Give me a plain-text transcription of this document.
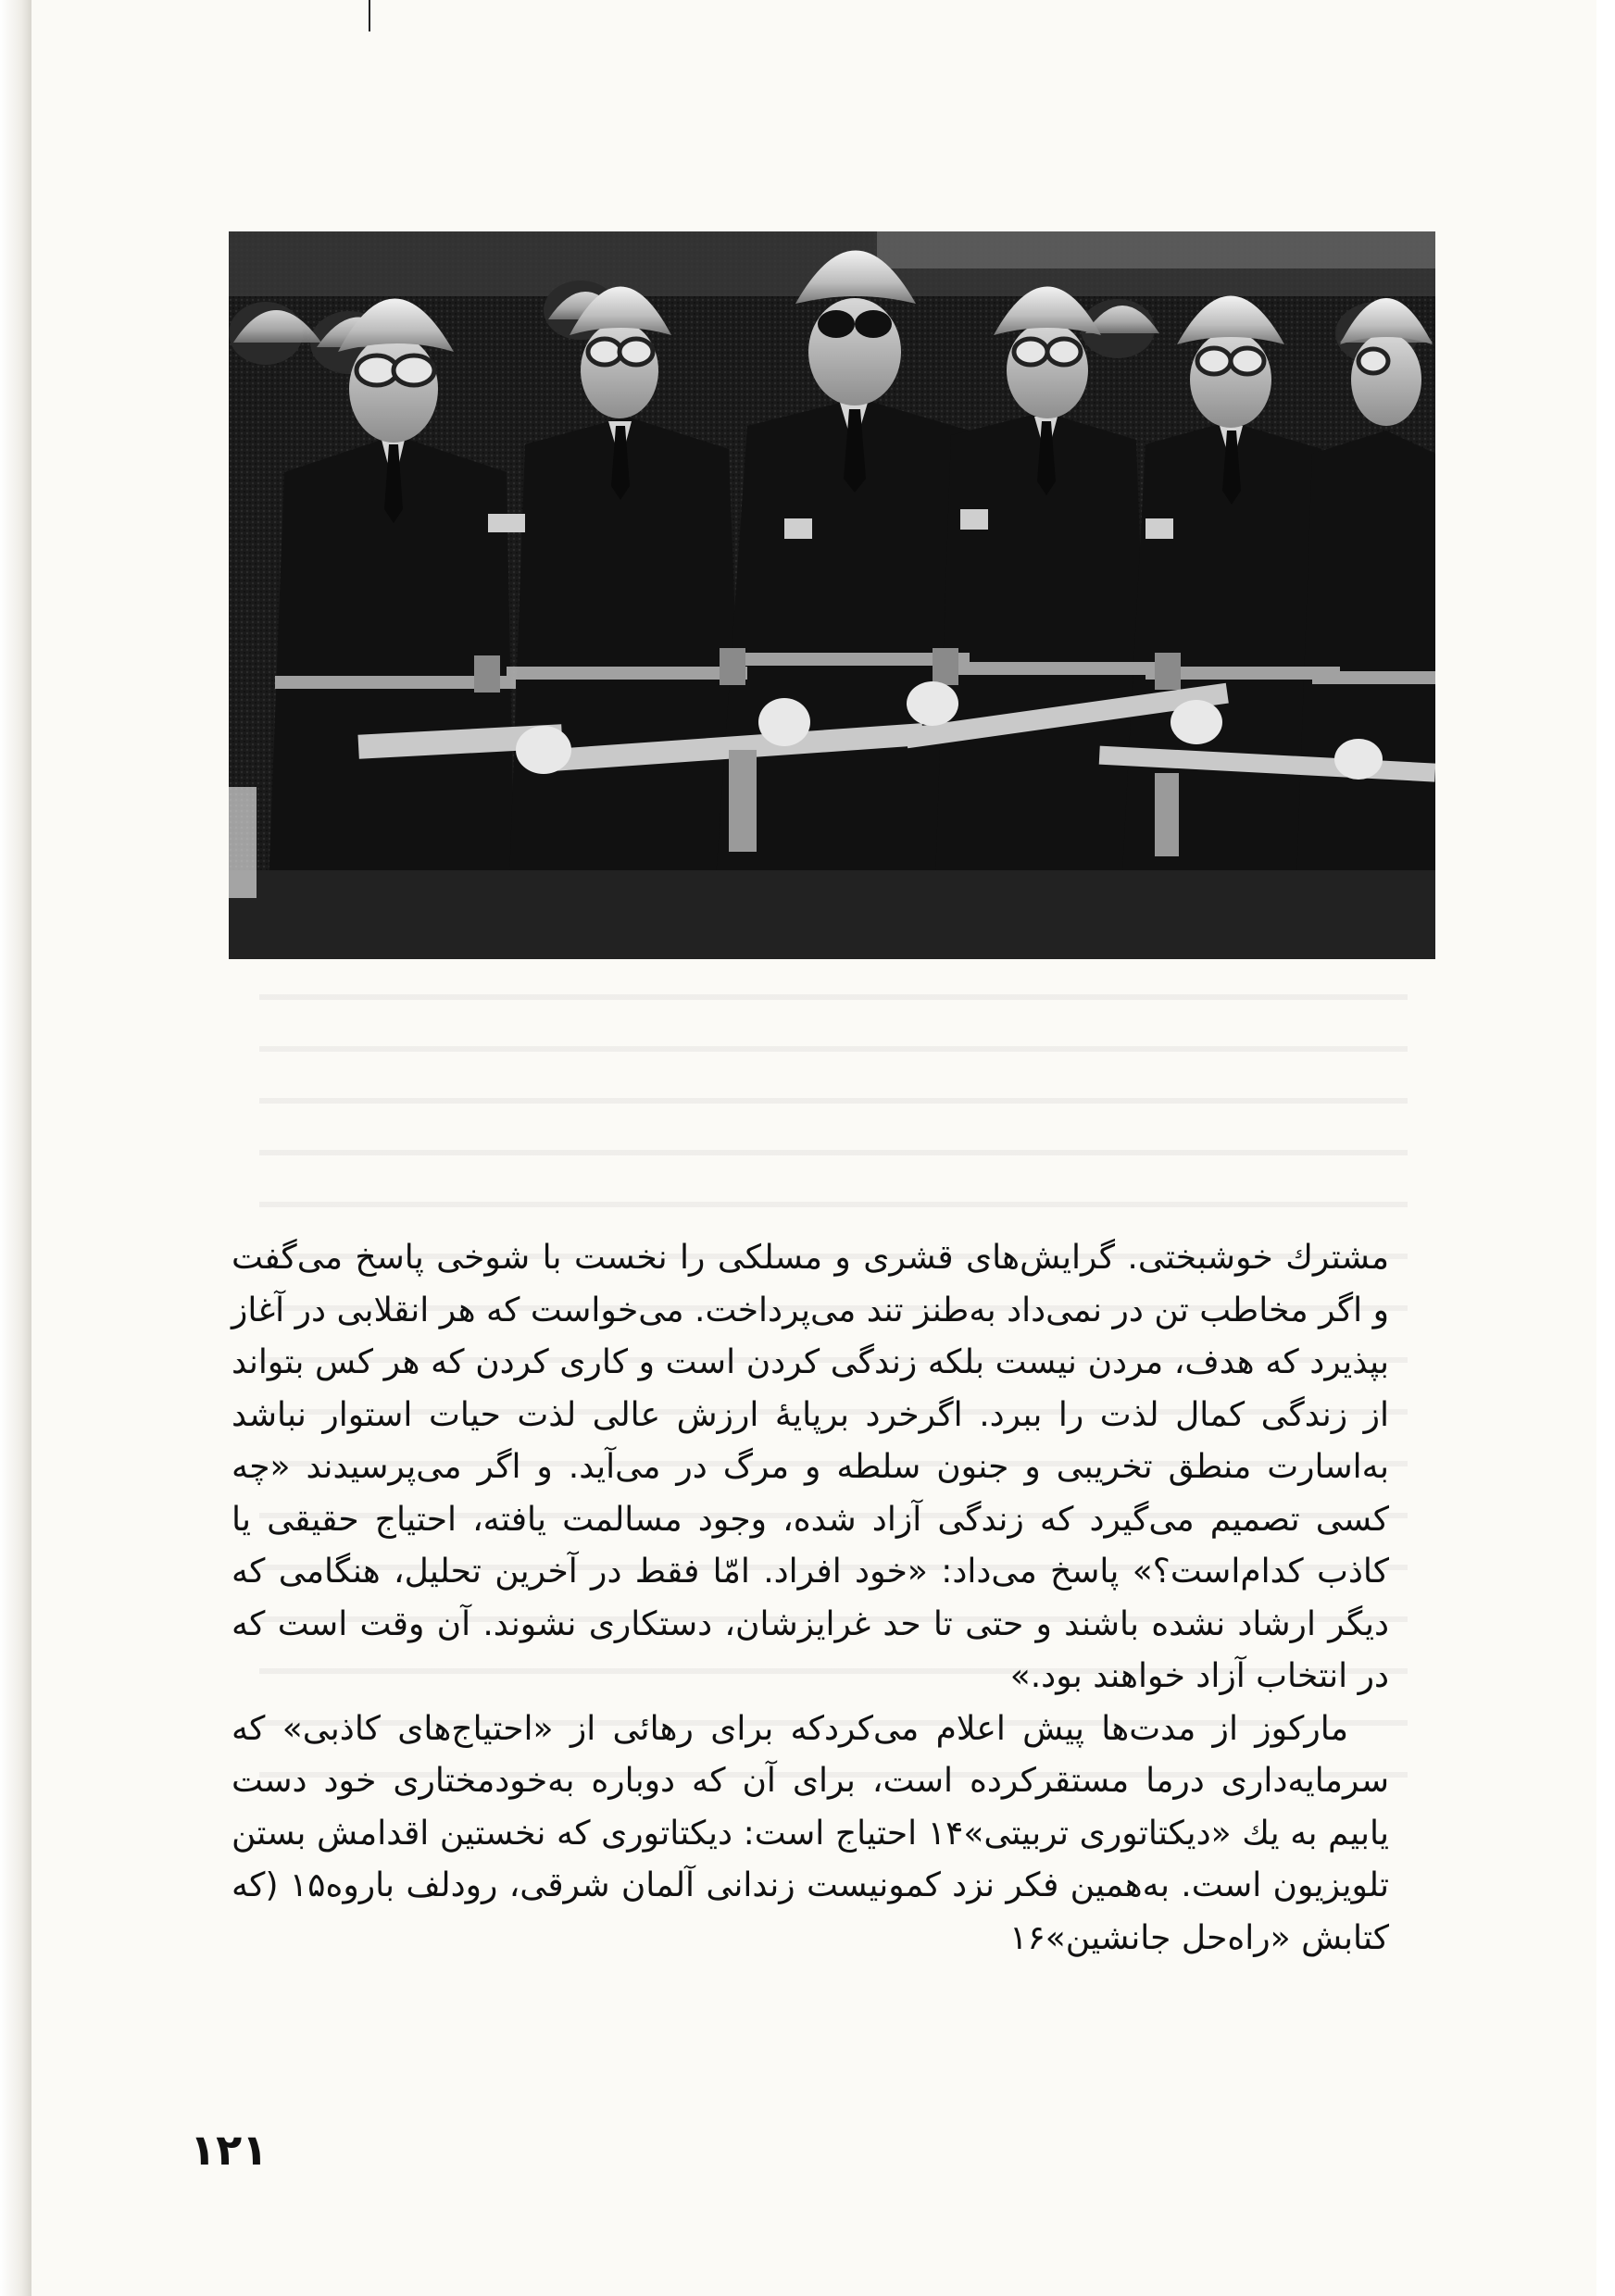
مشترك خوشبختی. گرایش‌های قشری و مسلکی را نخست با شوخی پاسخ می‌گفت و اگر مخاطب تن در نمی‌داد به‌طنز تند می‌پرداخت. می‌خواست که هر انقلابی در آغاز بپذیرد که هدف، مردن نیست بلکه زندگی کردن است و کاری کردن که هر کس بتواند از زندگی کمال لذت را ببرد. اگرخرد برپایهٔ ارزش عالی لذت حیات استوار نباشد به‌اسارت منطق تخریبی و جنون سلطه و مرگ در می‌آید. و اگر می‌پرسیدند «چه کسی تصمیم می‌گیرد که زندگی آزاد شده، وجود مسالمت یافته، احتیاج حقیقی یا کاذب کدام‌است؟» پاسخ می‌داد: «خود افراد. امّا فقط در آخرین تحلیل، هنگامی که دیگر ارشاد نشده باشند و حتی تا حد غرایزشان، دستکاری نشوند. آن وقت است که در انتخاب آزاد خواهند بود.»

مارکوز از مدت‌ها پیش اعلام می‌کردکه برای رهائی از «احتیاج‌های کاذبی» که سرمایه‌داری درما مستقرکرده است، برای آن که دوباره به‌خودمختاری خود دست یابیم به یك «دیکتاتوری تربیتی»۱۴ احتیاج است: دیکتاتوری که نخستین اقدامش بستن تلویزیون است. به‌همین فکر نزد کمونیست زندانی آلمان شرقی، رودلف باروه۱۵ (که کتابش «راه‌حل جانشین»۱۶

۱۲۱
